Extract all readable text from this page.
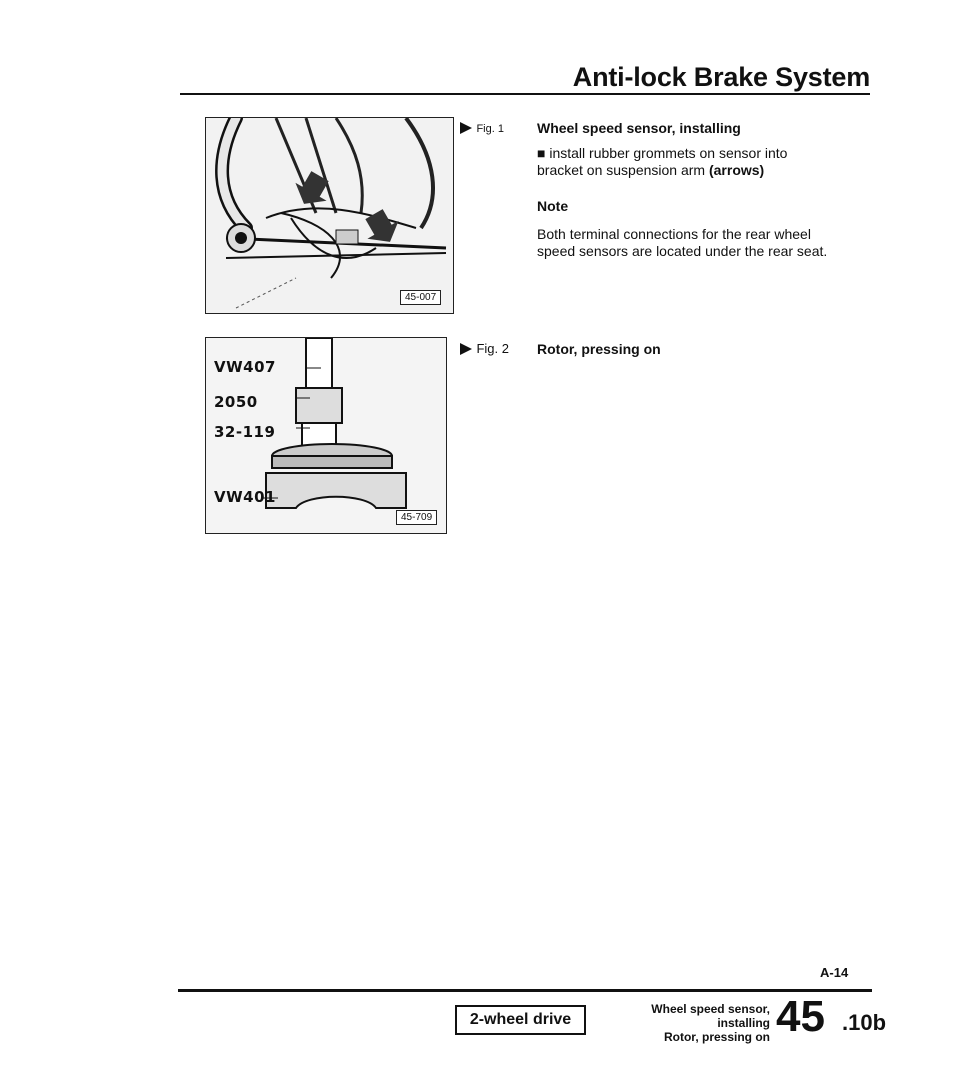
Anti-lock Brake System
45-007
Fig. 1 Wheel speed sensor, installing
■ install rubber grommets on sensor into bracket on suspension arm (arrows)
Note
Both terminal connections for the rear wheel speed sensors are located under the rear seat.
VW407
2050
32-119
VW401
45-709
Fig. 2 Rotor, pressing on
A-14
2-wheel drive
Wheel speed sensor, installing
Rotor, pressing on 45 .10b
